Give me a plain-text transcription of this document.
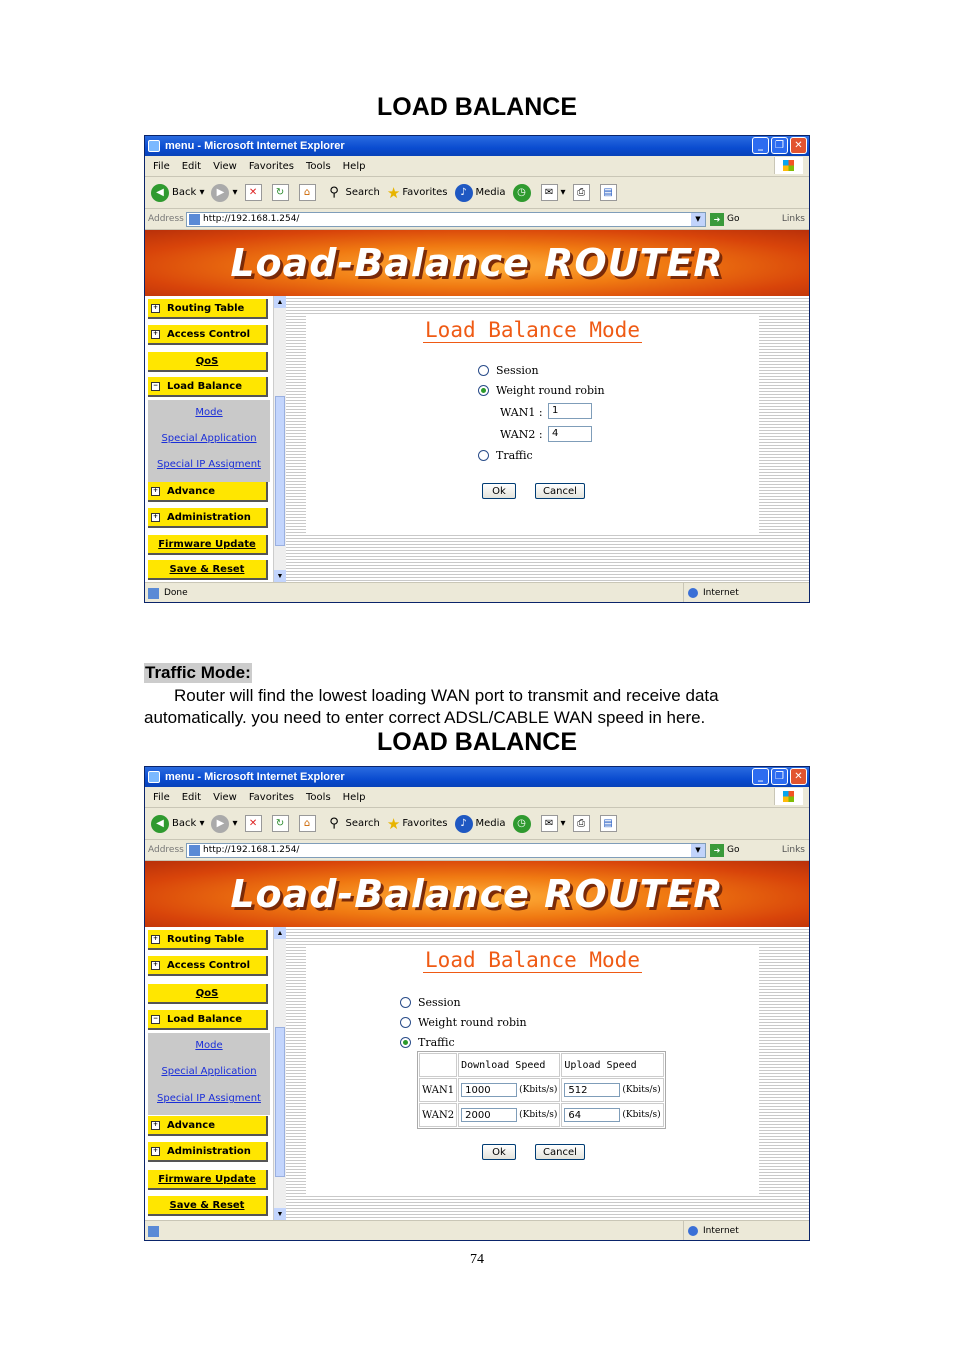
LOAD BALANCE
menu - Microsoft Internet Explorer	_	❐	✕
File Edit View Favorites Tools Help
◀ Back ▾	▶ ▾	✕	↻	⌂	⚲ Search ★ Favorites	♪ Media	◷	✉ ▾	⎙	▤
Address http://192.168.1.254/	▼	➜ Go	Links
Load-Balance ROUTER
+ Routing Table
+ Access Control
QoS
− Load Balance
Mode
Special Application
Special IP Assigment
+ Advance
+ Administration
Firmware Update
Save & Reset
▲
▼
Load Balance Mode
Session
Weight round robin
WAN1 : 1
WAN2 : 4
Traffic
Ok	Cancel
Done	Internet
Traffic Mode:
Router will find the lowest loading WAN port to transmit and receive data automatically. you need to enter correct ADSL/CABLE WAN speed in here.
LOAD BALANCE
menu - Microsoft Internet Explorer	_	❐	✕
File Edit View Favorites Tools Help
◀ Back ▾	▶ ▾	✕	↻	⌂	⚲ Search ★ Favorites	♪ Media	◷	✉ ▾	⎙	▤
Address http://192.168.1.254/	▼	➜ Go	Links
Load-Balance ROUTER
+ Routing Table
+ Access Control
QoS
− Load Balance
Mode
Special Application
Special IP Assigment
+ Advance
+ Administration
Firmware Update
Save & Reset
▲
▼
Load Balance Mode
Session
Weight round robin
Traffic
	Download Speed	Upload Speed
WAN1	1000 (Kbits/s)	512 (Kbits/s)
WAN2	2000 (Kbits/s)	64 (Kbits/s)
Ok	Cancel
Internet
74
